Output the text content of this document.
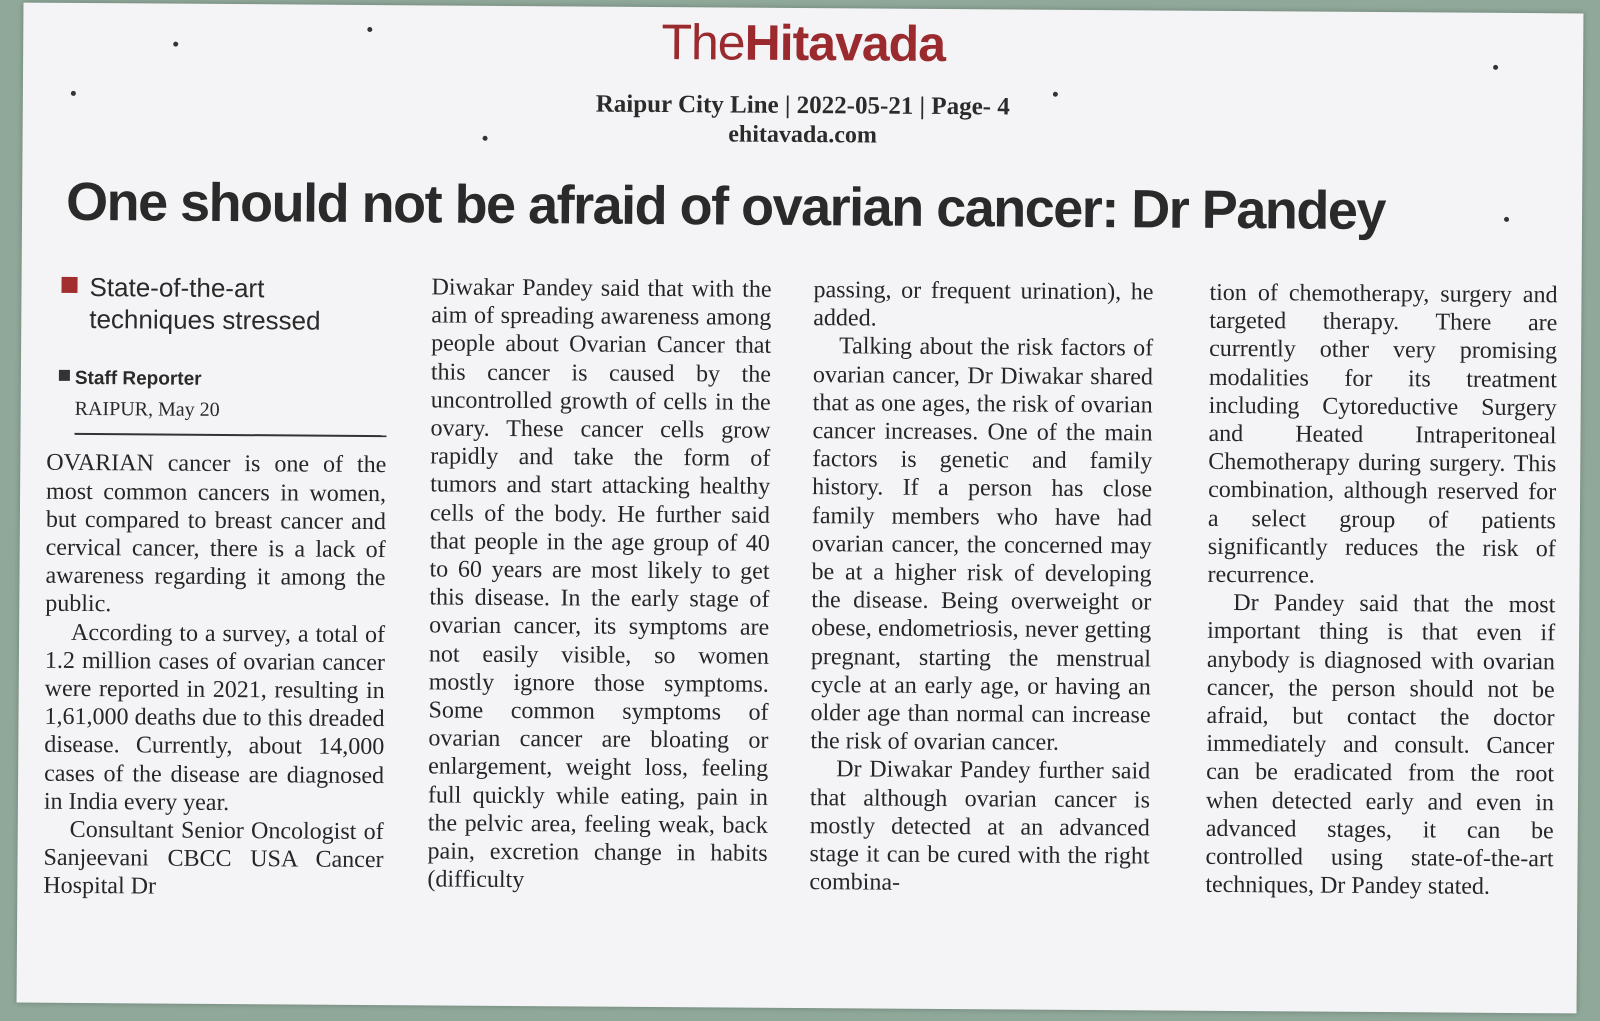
TheHitavada
Raipur City Line | 2022-05-21 | Page- 4
ehitavada.com
One should not be afraid of ovarian cancer: Dr Pandey
State-of-the-art techniques stressed
Staff Reporter
RAIPUR, May 20

OVARIAN cancer is one of the most common cancers in women, but compared to breast cancer and cervical cancer, there is a lack of awareness regarding it among the public.

According to a survey, a total of 1.2 million cases of ovarian cancer were reported in 2021, resulting in 1,61,000 deaths due to this dreaded disease. Currently, about 14,000 cases of the disease are diagnosed in India every year.

Consultant Senior Oncologist of Sanjeevani CBCC USA Cancer Hospital Dr

Diwakar Pandey said that with the aim of spreading awareness among people about Ovarian Cancer that this cancer is caused by the uncontrolled growth of cells in the ovary. These cancer cells grow rapidly and take the form of tumors and start attacking healthy cells of the body. He further said that people in the age group of 40 to 60 years are most likely to get this disease. In the early stage of ovarian cancer, its symptoms are not easily visible, so women mostly ignore those symptoms. Some common symptoms of ovarian cancer are bloating or enlargement, weight loss, feeling full quickly while eating, pain in the pelvic area, feeling weak, back pain, excretion change in habits (difficulty

passing, or frequent urination), he added.

Talking about the risk factors of ovarian cancer, Dr Diwakar shared that as one ages, the risk of ovarian cancer increases. One of the main factors is genetic and family history. If a person has close family members who have had ovarian cancer, the concerned may be at a higher risk of developing the disease. Being overweight or obese, endometriosis, never getting pregnant, starting the menstrual cycle at an early age, or having an older age than normal can increase the risk of ovarian cancer.

Dr Diwakar Pandey further said that although ovarian cancer is mostly detected at an advanced stage it can be cured with the right combina-

tion of chemotherapy, surgery and targeted therapy. There are currently other very promising modalities for its treatment including Cytoreductive Surgery and Heated Intraperitoneal Chemotherapy during surgery. This combination, although reserved for a select group of patients significantly reduces the risk of recurrence.

Dr Pandey said that the most important thing is that even if anybody is diagnosed with ovarian cancer, the person should not be afraid, but contact the doctor immediately and consult. Cancer can be eradicated from the root when detected early and even in advanced stages, it can be controlled using state-of-the-art techniques, Dr Pandey stated.
